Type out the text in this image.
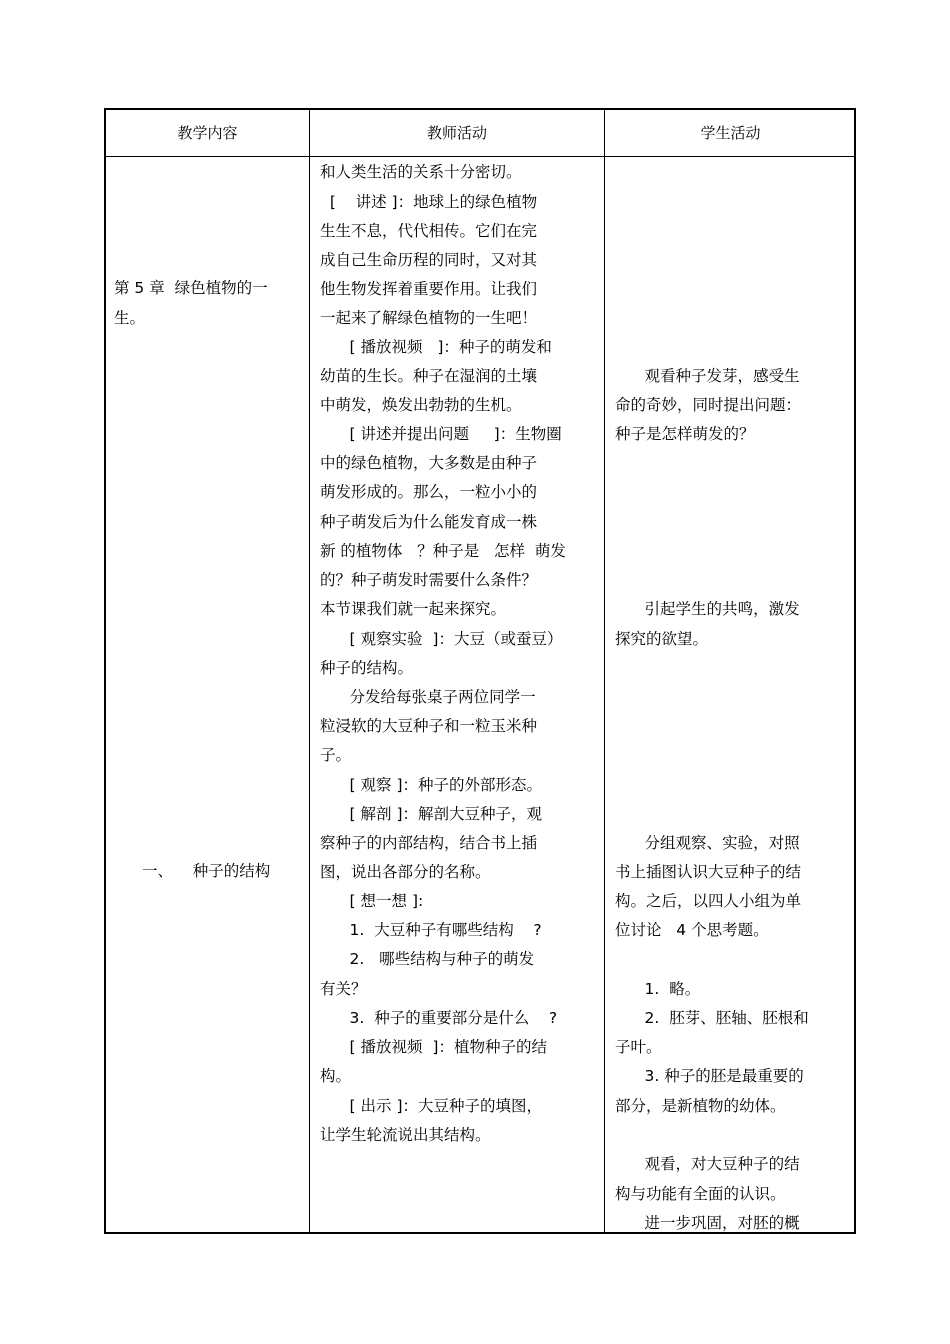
教学内容	教师活动	学生活动
第 5 章  绿色植物的一
生。
一、    种子的结构
和人类生活的关系十分密切。
[    讲述 ]：地球上的绿色植物
生生不息，代代相传。它们在完
成自己生命历程的同时，又对其
他生物发挥着重要作用。让我们
一起来了解绿色植物的一生吧！
[ 播放视频   ]：种子的萌发和
幼苗的生长。种子在湿润的土壤
中萌发，焕发出勃勃的生机。
[ 讲述并提出问题     ]：生物圈
中的绿色植物，大多数是由种子
萌发形成的。那么，一粒小小的
种子萌发后为什么能发育成一株
新 的植物体   ？种子是   怎样  萌发
的？种子萌发时需要什么条件？
本节课我们就一起来探究。
[ 观察实验  ]：大豆（或蚕豆）
种子的结构。
分发给每张桌子两位同学一
粒浸软的大豆种子和一粒玉米种
子。
[ 观察 ]：种子的外部形态。
[ 解剖 ]：解剖大豆种子，观
察种子的内部结构，结合书上插
图，说出各部分的名称。
[ 想一想 ]:
1.  大豆种子有哪些结构    ?
2.   哪些结构与种子的萌发
有关？
3.  种子的重要部分是什么    ?
[ 播放视频  ]：植物种子的结
构。
[ 出示 ]：大豆种子的填图，
让学生轮流说出其结构。
观看种子发芽，感受生
命的奇妙，同时提出问题：
种子是怎样萌发的？
引起学生的共鸣，激发
探究的欲望。
分组观察、实验，对照
书上插图认识大豆种子的结
构。之后，以四人小组为单
位讨论   4 个思考题。
1.  略。
2.  胚芽、胚轴、胚根和
子叶。
3. 种子的胚是最重要的
部分，是新植物的幼体。
观看，对大豆种子的结
构与功能有全面的认识。
进一步巩固，对胚的概
